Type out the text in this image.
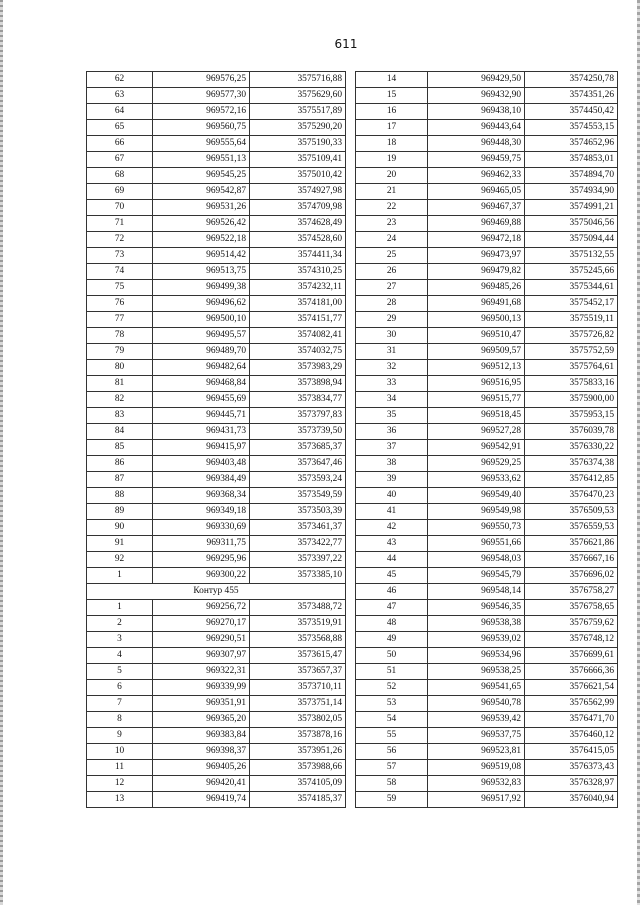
611
62	969576,25	3575716,88
63	969577,30	3575629,60
64	969572,16	3575517,89
65	969560,75	3575290,20
66	969555,64	3575190,33
67	969551,13	3575109,41
68	969545,25	3575010,42
69	969542,87	3574927,98
70	969531,26	3574709,98
71	969526,42	3574628,49
72	969522,18	3574528,60
73	969514,42	3574411,34
74	969513,75	3574310,25
75	969499,38	3574232,11
76	969496,62	3574181,00
77	969500,10	3574151,77
78	969495,57	3574082,41
79	969489,70	3574032,75
80	969482,64	3573983,29
81	969468,84	3573898,94
82	969455,69	3573834,77
83	969445,71	3573797,83
84	969431,73	3573739,50
85	969415,97	3573685,37
86	969403,48	3573647,46
87	969384,49	3573593,24
88	969368,34	3573549,59
89	969349,18	3573503,39
90	969330,69	3573461,37
91	969311,75	3573422,77
92	969295,96	3573397,22
1	969300,22	3573385,10
Контур 455		
1	969256,72	3573488,72
2	969270,17	3573519,91
3	969290,51	3573568,88
4	969307,97	3573615,47
5	969322,31	3573657,37
6	969339,99	3573710,11
7	969351,91	3573751,14
8	969365,20	3573802,05
9	969383,84	3573878,16
10	969398,37	3573951,26
11	969405,26	3573988,66
12	969420,41	3574105,09
13	969419,74	3574185,37
14	969429,50	3574250,78
15	969432,90	3574351,26
16	969438,10	3574450,42
17	969443,64	3574553,15
18	969448,30	3574652,96
19	969459,75	3574853,01
20	969462,33	3574894,70
21	969465,05	3574934,90
22	969467,37	3574991,21
23	969469,88	3575046,56
24	969472,18	3575094,44
25	969473,97	3575132,55
26	969479,82	3575245,66
27	969485,26	3575344,61
28	969491,68	3575452,17
29	969500,13	3575519,11
30	969510,47	3575726,82
31	969509,57	3575752,59
32	969512,13	3575764,61
33	969516,95	3575833,16
34	969515,77	3575900,00
35	969518,45	3575953,15
36	969527,28	3576039,78
37	969542,91	3576330,22
38	969529,25	3576374,38
39	969533,62	3576412,85
40	969549,40	3576470,23
41	969549,98	3576509,53
42	969550,73	3576559,53
43	969551,66	3576621,86
44	969548,03	3576667,16
45	969545,79	3576696,02
46	969548,14	3576758,27
47	969546,35	3576758,65
48	969538,38	3576759,62
49	969539,02	3576748,12
50	969534,96	3576699,61
51	969538,25	3576666,36
52	969541,65	3576621,54
53	969540,78	3576562,99
54	969539,42	3576471,70
55	969537,75	3576460,12
56	969523,81	3576415,05
57	969519,08	3576373,43
58	969532,83	3576328,97
59	969517,92	3576040,94
